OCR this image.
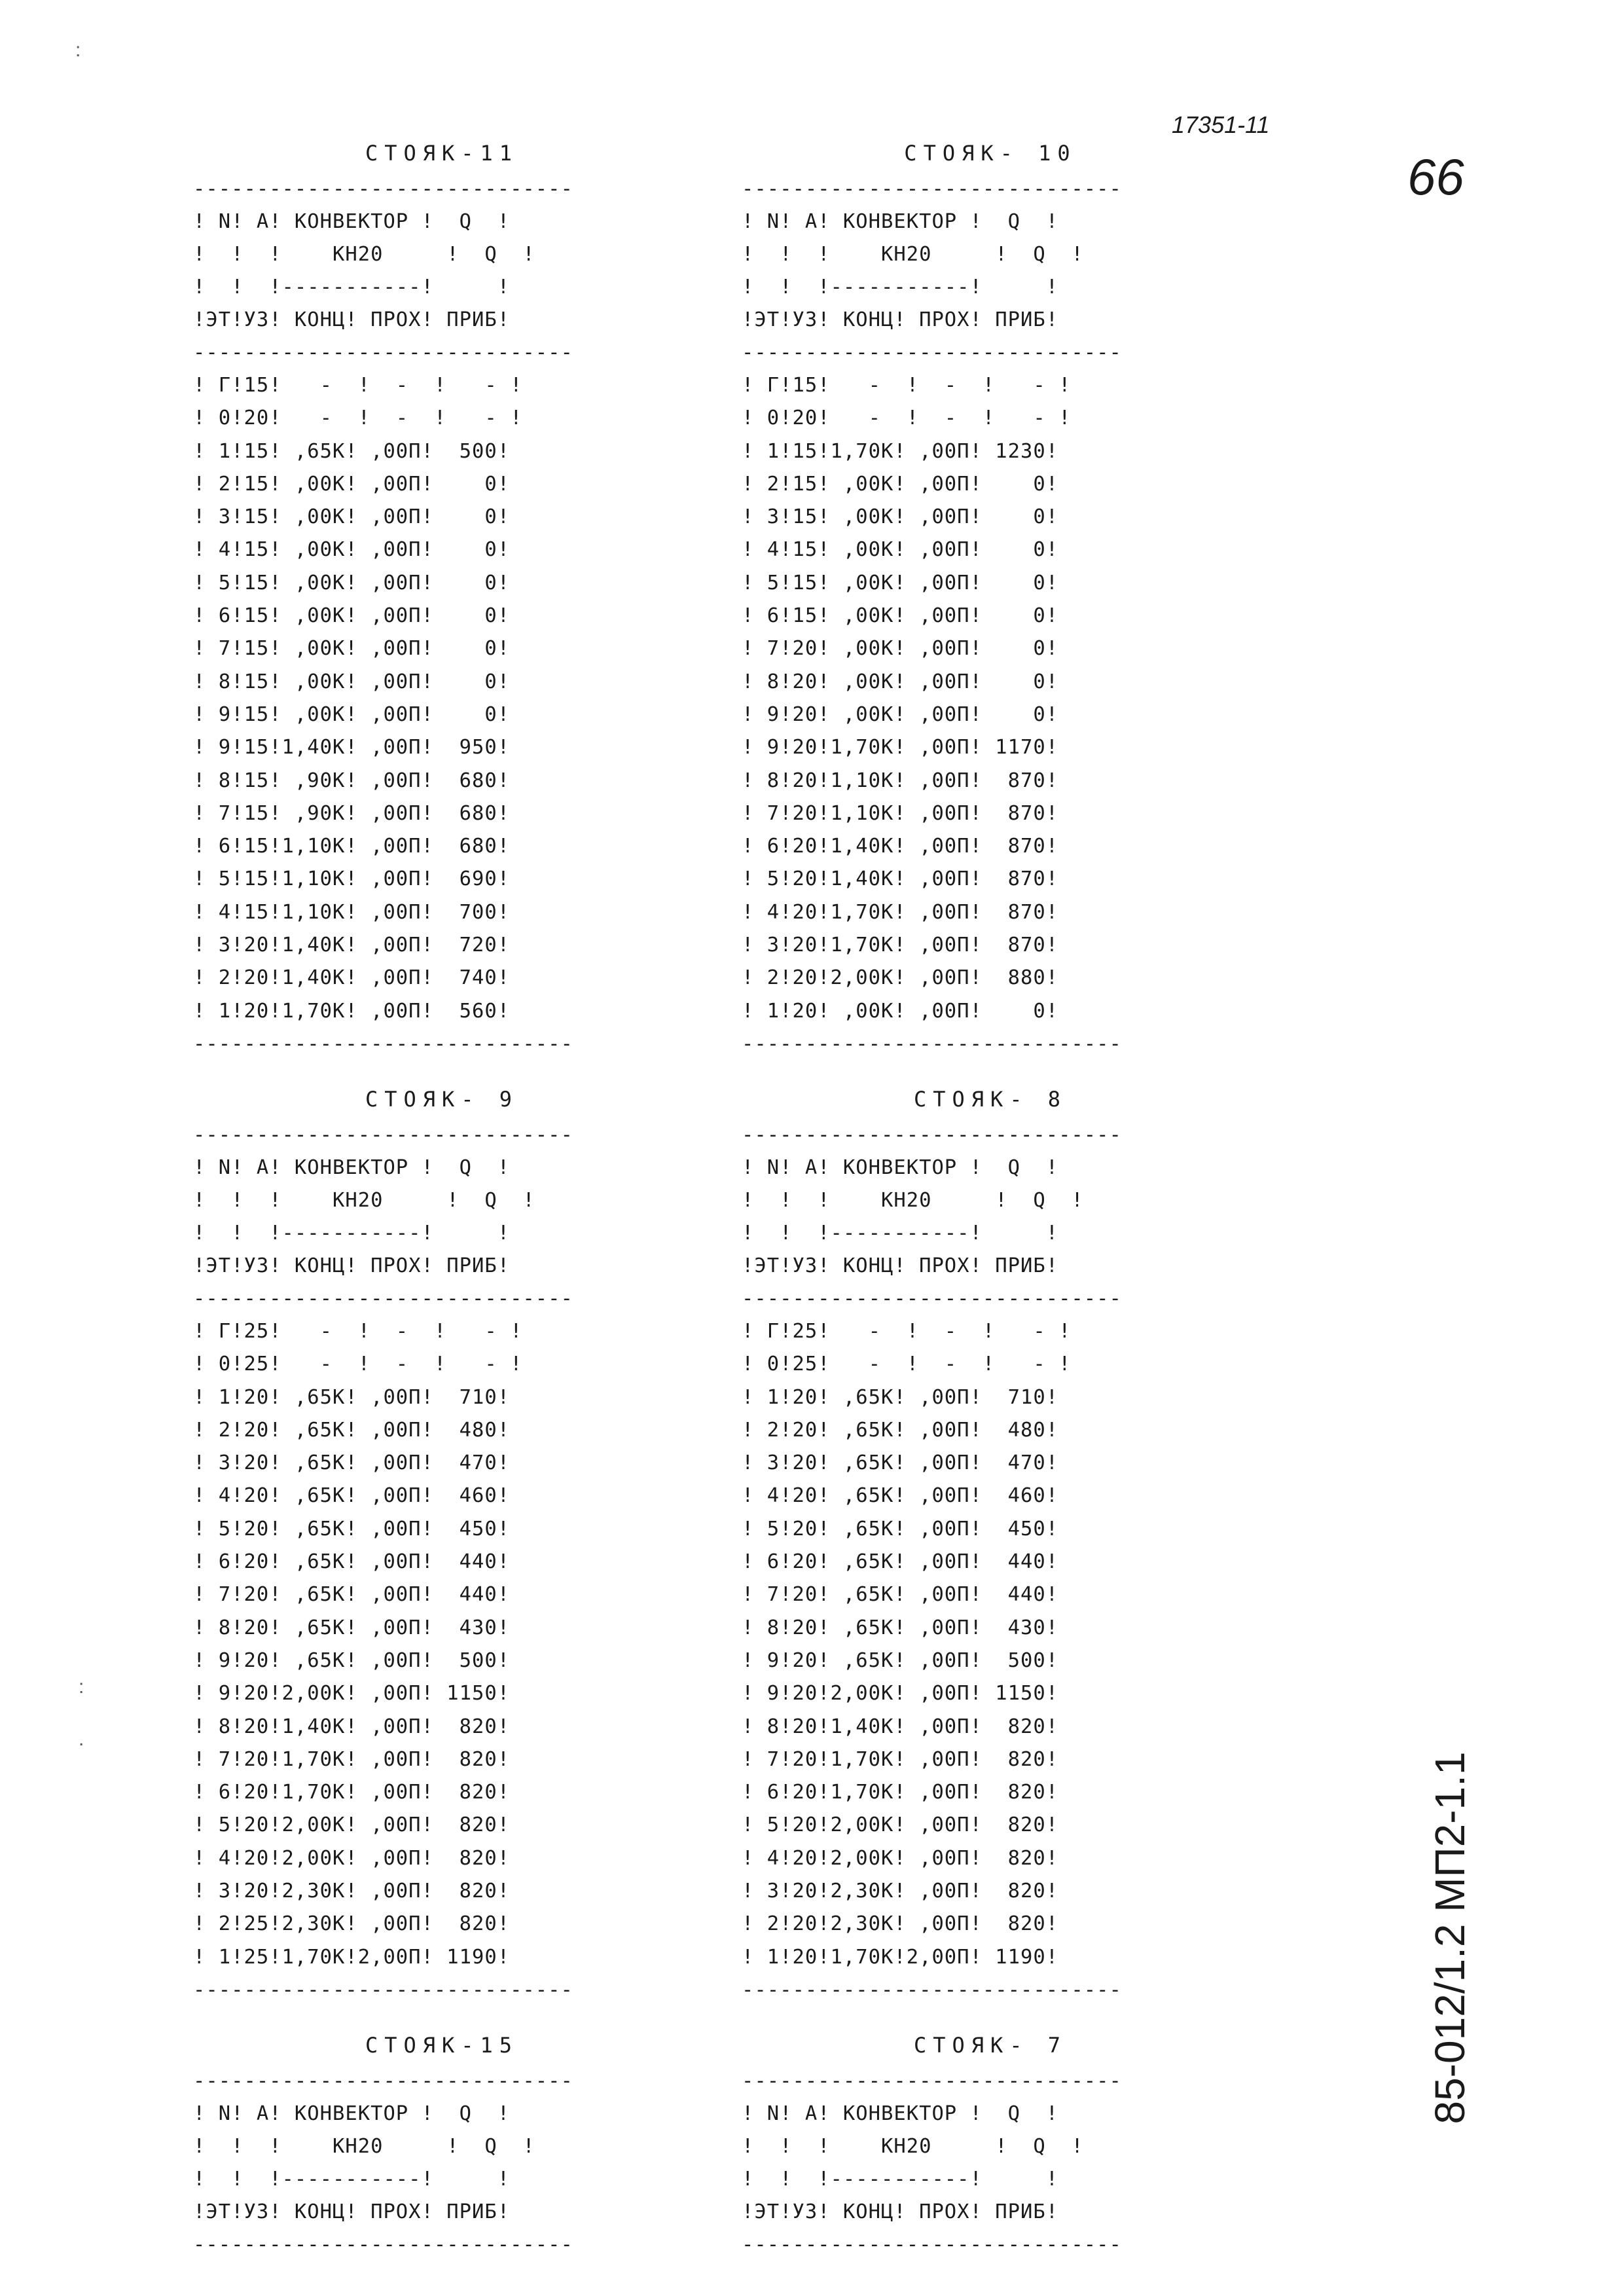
17351-11
66
85-012/1.2 МП2-1.1
:
:
.
СТОЯК-11
------------------------------
! N! A! КОНВЕКТОР !  Q  !
!  !  !    КН20     !  Q  !
!  !  !-----------!     !
!ЭТ!УЗ! КОНЦ! ПРОХ! ПРИБ!
------------------------------
! Г!15!   -  !  -  !   - !
! 0!20!   -  !  -  !   - !
! 1!15! ,65К! ,00П!  500!
! 2!15! ,00К! ,00П!    0!
! 3!15! ,00К! ,00П!    0!
! 4!15! ,00К! ,00П!    0!
! 5!15! ,00К! ,00П!    0!
! 6!15! ,00К! ,00П!    0!
! 7!15! ,00К! ,00П!    0!
! 8!15! ,00К! ,00П!    0!
! 9!15! ,00К! ,00П!    0!
! 9!15!1,40К! ,00П!  950!
! 8!15! ,90К! ,00П!  680!
! 7!15! ,90К! ,00П!  680!
! 6!15!1,10К! ,00П!  680!
! 5!15!1,10К! ,00П!  690!
! 4!15!1,10К! ,00П!  700!
! 3!20!1,40К! ,00П!  720!
! 2!20!1,40К! ,00П!  740!
! 1!20!1,70К! ,00П!  560!
------------------------------
СТОЯК- 10
------------------------------
! N! A! КОНВЕКТОР !  Q  !
!  !  !    КН20     !  Q  !
!  !  !-----------!     !
!ЭТ!УЗ! КОНЦ! ПРОХ! ПРИБ!
------------------------------
! Г!15!   -  !  -  !   - !
! 0!20!   -  !  -  !   - !
! 1!15!1,70К! ,00П! 1230!
! 2!15! ,00К! ,00П!    0!
! 3!15! ,00К! ,00П!    0!
! 4!15! ,00К! ,00П!    0!
! 5!15! ,00К! ,00П!    0!
! 6!15! ,00К! ,00П!    0!
! 7!20! ,00К! ,00П!    0!
! 8!20! ,00К! ,00П!    0!
! 9!20! ,00К! ,00П!    0!
! 9!20!1,70К! ,00П! 1170!
! 8!20!1,10К! ,00П!  870!
! 7!20!1,10К! ,00П!  870!
! 6!20!1,40К! ,00П!  870!
! 5!20!1,40К! ,00П!  870!
! 4!20!1,70К! ,00П!  870!
! 3!20!1,70К! ,00П!  870!
! 2!20!2,00К! ,00П!  880!
! 1!20! ,00К! ,00П!    0!
------------------------------
СТОЯК- 9
------------------------------
! N! A! КОНВЕКТОР !  Q  !
!  !  !    КН20     !  Q  !
!  !  !-----------!     !
!ЭТ!УЗ! КОНЦ! ПРОХ! ПРИБ!
------------------------------
! Г!25!   -  !  -  !   - !
! 0!25!   -  !  -  !   - !
! 1!20! ,65К! ,00П!  710!
! 2!20! ,65К! ,00П!  480!
! 3!20! ,65К! ,00П!  470!
! 4!20! ,65К! ,00П!  460!
! 5!20! ,65К! ,00П!  450!
! 6!20! ,65К! ,00П!  440!
! 7!20! ,65К! ,00П!  440!
! 8!20! ,65К! ,00П!  430!
! 9!20! ,65К! ,00П!  500!
! 9!20!2,00К! ,00П! 1150!
! 8!20!1,40К! ,00П!  820!
! 7!20!1,70К! ,00П!  820!
! 6!20!1,70К! ,00П!  820!
! 5!20!2,00К! ,00П!  820!
! 4!20!2,00К! ,00П!  820!
! 3!20!2,30К! ,00П!  820!
! 2!25!2,30К! ,00П!  820!
! 1!25!1,70К!2,00П! 1190!
------------------------------
СТОЯК- 8
------------------------------
! N! A! КОНВЕКТОР !  Q  !
!  !  !    КН20     !  Q  !
!  !  !-----------!     !
!ЭТ!УЗ! КОНЦ! ПРОХ! ПРИБ!
------------------------------
! Г!25!   -  !  -  !   - !
! 0!25!   -  !  -  !   - !
! 1!20! ,65К! ,00П!  710!
! 2!20! ,65К! ,00П!  480!
! 3!20! ,65К! ,00П!  470!
! 4!20! ,65К! ,00П!  460!
! 5!20! ,65К! ,00П!  450!
! 6!20! ,65К! ,00П!  440!
! 7!20! ,65К! ,00П!  440!
! 8!20! ,65К! ,00П!  430!
! 9!20! ,65К! ,00П!  500!
! 9!20!2,00К! ,00П! 1150!
! 8!20!1,40К! ,00П!  820!
! 7!20!1,70К! ,00П!  820!
! 6!20!1,70К! ,00П!  820!
! 5!20!2,00К! ,00П!  820!
! 4!20!2,00К! ,00П!  820!
! 3!20!2,30К! ,00П!  820!
! 2!20!2,30К! ,00П!  820!
! 1!20!1,70К!2,00П! 1190!
------------------------------
СТОЯК-15
------------------------------
! N! A! КОНВЕКТОР !  Q  !
!  !  !    КН20     !  Q  !
!  !  !-----------!     !
!ЭТ!УЗ! КОНЦ! ПРОХ! ПРИБ!
------------------------------
СТОЯК- 7
------------------------------
! N! A! КОНВЕКТОР !  Q  !
!  !  !    КН20     !  Q  !
!  !  !-----------!     !
!ЭТ!УЗ! КОНЦ! ПРОХ! ПРИБ!
------------------------------
